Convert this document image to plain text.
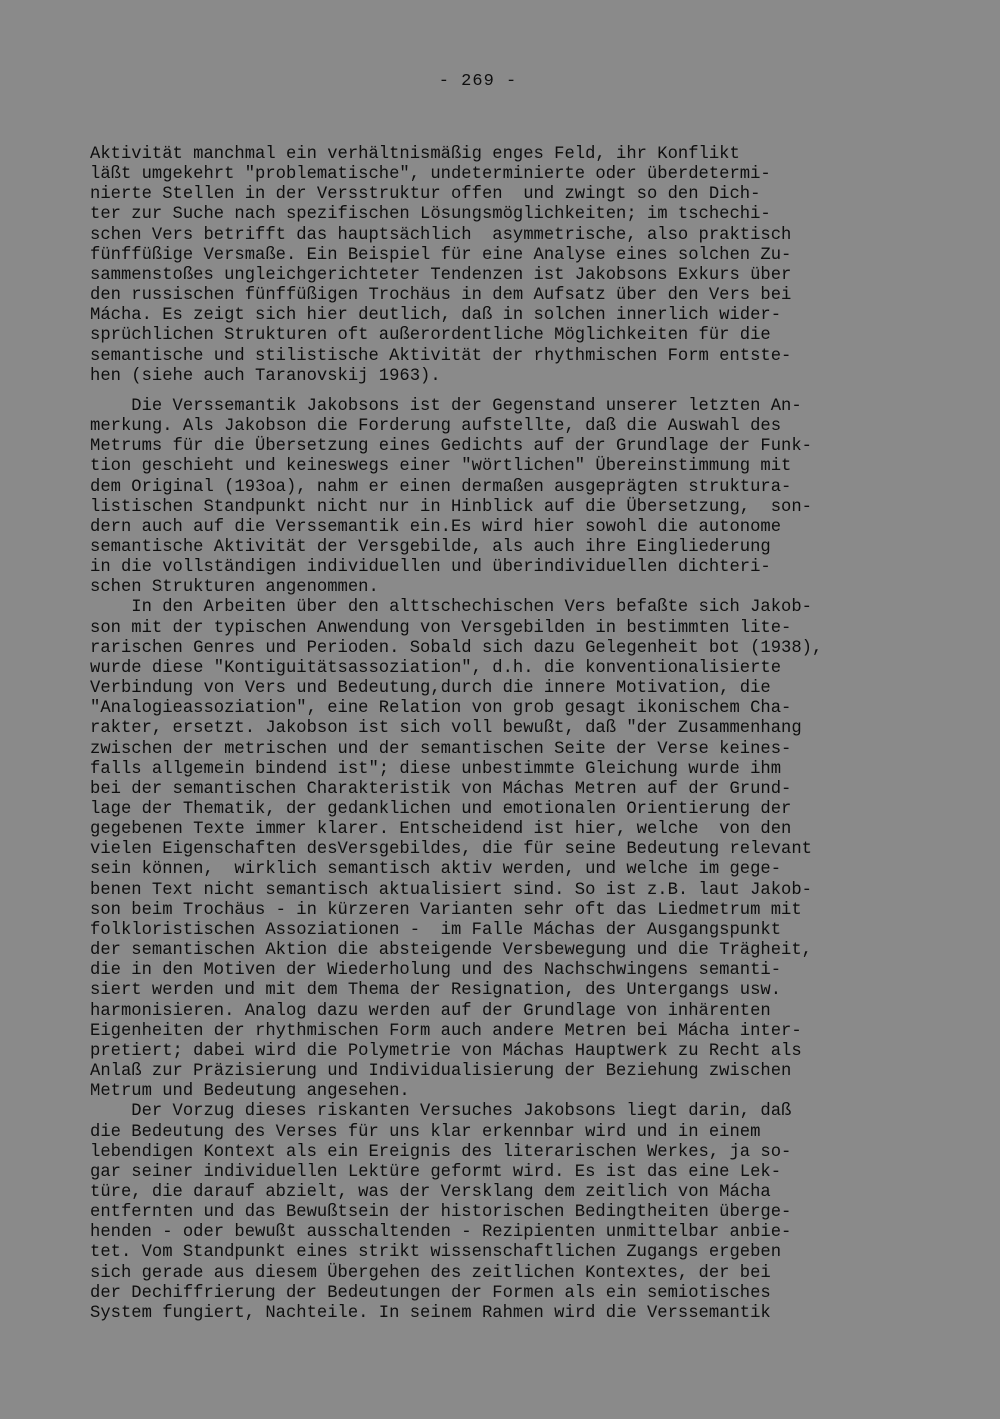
- 269 -
Aktivität manchmal ein verhältnismäßig enges Feld, ihr Konflikt
läßt umgekehrt "problematische", undeterminierte oder überdetermi-
nierte Stellen in der Versstruktur offen  und zwingt so den Dich-
ter zur Suche nach spezifischen Lösungsmöglichkeiten; im tschechi-
schen Vers betrifft das hauptsächlich  asymmetrische, also praktisch
fünffüßige Versmaße. Ein Beispiel für eine Analyse eines solchen Zu-
sammenstoßes ungleichgerichteter Tendenzen ist Jakobsons Exkurs über
den russischen fünffüßigen Trochäus in dem Aufsatz über den Vers bei
Mácha. Es zeigt sich hier deutlich, daß in solchen innerlich wider-
sprüchlichen Strukturen oft außerordentliche Möglichkeiten für die
semantische und stilistische Aktivität der rhythmischen Form entste-
hen (siehe auch Taranovskij 1963).
Die Verssemantik Jakobsons ist der Gegenstand unserer letzten An-
merkung. Als Jakobson die Forderung aufstellte, daß die Auswahl des
Metrums für die Übersetzung eines Gedichts auf der Grundlage der Funk-
tion geschieht und keineswegs einer "wörtlichen" Übereinstimmung mit
dem Original (193oa), nahm er einen dermaßen ausgeprägten struktura-
listischen Standpunkt nicht nur in Hinblick auf die Übersetzung,  son-
dern auch auf die Verssemantik ein.Es wird hier sowohl die autonome
semantische Aktivität der Versgebilde, als auch ihre Eingliederung
in die vollständigen individuellen und überindividuellen dichteri-
schen Strukturen angenommen.
In den Arbeiten über den alttschechischen Vers befaßte sich Jakob-
son mit der typischen Anwendung von Versgebilden in bestimmten lite-
rarischen Genres und Perioden. Sobald sich dazu Gelegenheit bot (1938),
wurde diese "Kontiguitätsassoziation", d.h. die konventionalisierte
Verbindung von Vers und Bedeutung,durch die innere Motivation, die
"Analogieassoziation", eine Relation von grob gesagt ikonischem Cha-
rakter, ersetzt. Jakobson ist sich voll bewußt, daß "der Zusammenhang
zwischen der metrischen und der semantischen Seite der Verse keines-
falls allgemein bindend ist"; diese unbestimmte Gleichung wurde ihm
bei der semantischen Charakteristik von Máchas Metren auf der Grund-
lage der Thematik, der gedanklichen und emotionalen Orientierung der
gegebenen Texte immer klarer. Entscheidend ist hier, welche  von den
vielen Eigenschaften desVersgebildes, die für seine Bedeutung relevant
sein können,  wirklich semantisch aktiv werden, und welche im gege-
benen Text nicht semantisch aktualisiert sind. So ist z.B. laut Jakob-
son beim Trochäus - in kürzeren Varianten sehr oft das Liedmetrum mit
folkloristischen Assoziationen -  im Falle Máchas der Ausgangspunkt
der semantischen Aktion die absteigende Versbewegung und die Trägheit,
die in den Motiven der Wiederholung und des Nachschwingens semanti-
siert werden und mit dem Thema der Resignation, des Untergangs usw.
harmonisieren. Analog dazu werden auf der Grundlage von inhärenten
Eigenheiten der rhythmischen Form auch andere Metren bei Mácha inter-
pretiert; dabei wird die Polymetrie von Máchas Hauptwerk zu Recht als
Anlaß zur Präzisierung und Individualisierung der Beziehung zwischen
Metrum und Bedeutung angesehen.
Der Vorzug dieses riskanten Versuches Jakobsons liegt darin, daß
die Bedeutung des Verses für uns klar erkennbar wird und in einem
lebendigen Kontext als ein Ereignis des literarischen Werkes, ja so-
gar seiner individuellen Lektüre geformt wird. Es ist das eine Lek-
türe, die darauf abzielt, was der Versklang dem zeitlich von Mácha
entfernten und das Bewußtsein der historischen Bedingtheiten übergе-
henden - oder bewußt ausschaltenden - Rezipienten unmittelbar anbie-
tet. Vom Standpunkt eines strikt wissenschaftlichen Zugangs ergeben
sich gerade aus diesem Übergehen des zeitlichen Kontextes, der bei
der Dechiffrierung der Bedeutungen der Formen als ein semiotisches
System fungiert, Nachteile. In seinem Rahmen wird die Verssemantik
